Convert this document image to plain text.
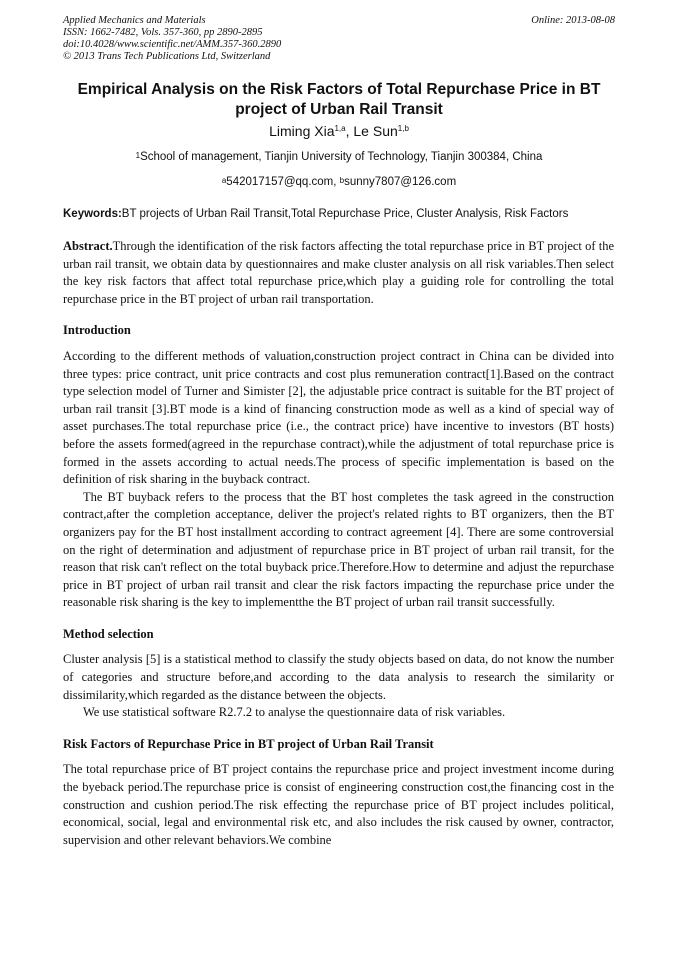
Applied Mechanics and Materials
ISSN: 1662-7482, Vols. 357-360, pp 2890-2895
doi:10.4028/www.scientific.net/AMM.357-360.2890
© 2013 Trans Tech Publications Ltd, Switzerland
Online: 2013-08-08
Empirical Analysis on the Risk Factors of Total Repurchase Price in BT project of Urban Rail Transit
Liming Xia$^{1,a}$, Le Sun$^{1,b}$
$^1$School of management, Tianjin University of Technology, Tianjin 300384, China
$^a$542017157@qq.com, $^b$sunny7807@126.com
Keywords:BT projects of Urban Rail Transit,Total Repurchase Price, Cluster Analysis, Risk Factors

Abstract.Through the identification of the risk factors affecting the total repurchase price in BT project of the urban rail transit, we obtain data by questionnaires and make cluster analysis on all risk variables.Then select the key risk factors that affect total repurchase price,which play a guiding role for controlling the total repurchase price in the BT project of urban rail transportation.

Introduction

According to the different methods of valuation,construction project contract in China can be divided into three types: price contract, unit price contracts and cost plus remuneration contract[1].Based on the contract type selection model of Turner and Simister [2], the adjustable price contract is suitable for the BT project of urban rail transit [3].BT mode is a kind of financing construction mode as well as a kind of special way of asset purchases.The total repurchase price (i.e., the contract price) have incentive to investors (BT hosts) before the assets formed(agreed in the repurchase contract),while the adjustment of total repurchase price is formed in the assets according to actual needs.The process of specific implementation is based on the definition of risk sharing in the buyback contract.

The BT buyback refers to the process that the BT host completes the task agreed in the construction contract,after the completion acceptance, deliver the project's related rights to BT organizers, then the BT organizers pay for the BT host installment according to contract agreement [4]. There are some controversial on the right of determination and adjustment of repurchase price in BT project of urban rail transit, for the reason that risk can't reflect on the total buyback price.Therefore.How to determine and adjust the repurchase price in BT project of urban rail transit and clear the risk factors impacting the repurchase price under the reasonable risk sharing is the key to implementthe the BT project of urban rail transit successfully.

Method selection

Cluster analysis [5] is a statistical method to classify the study objects based on data, do not know the number of categories and structure before,and according to the data analysis to research the similarity or dissimilarity,which regarded as the distance between the objects.

We use statistical software R2.7.2 to analyse the questionnaire data of risk variables.

Risk Factors of Repurchase Price in BT project of Urban Rail Transit

The total repurchase price of BT project contains the repurchase price and project investment income during the byeback period.The repurchase price is consist of engineering construction cost,the financing cost in the construction and cushion period.The risk effecting the repurchase price of BT project includes political, economical, social, legal and environmental risk etc, and also includes the risk caused by owner, contractor, supervision and other relevant behaviors.We combine
